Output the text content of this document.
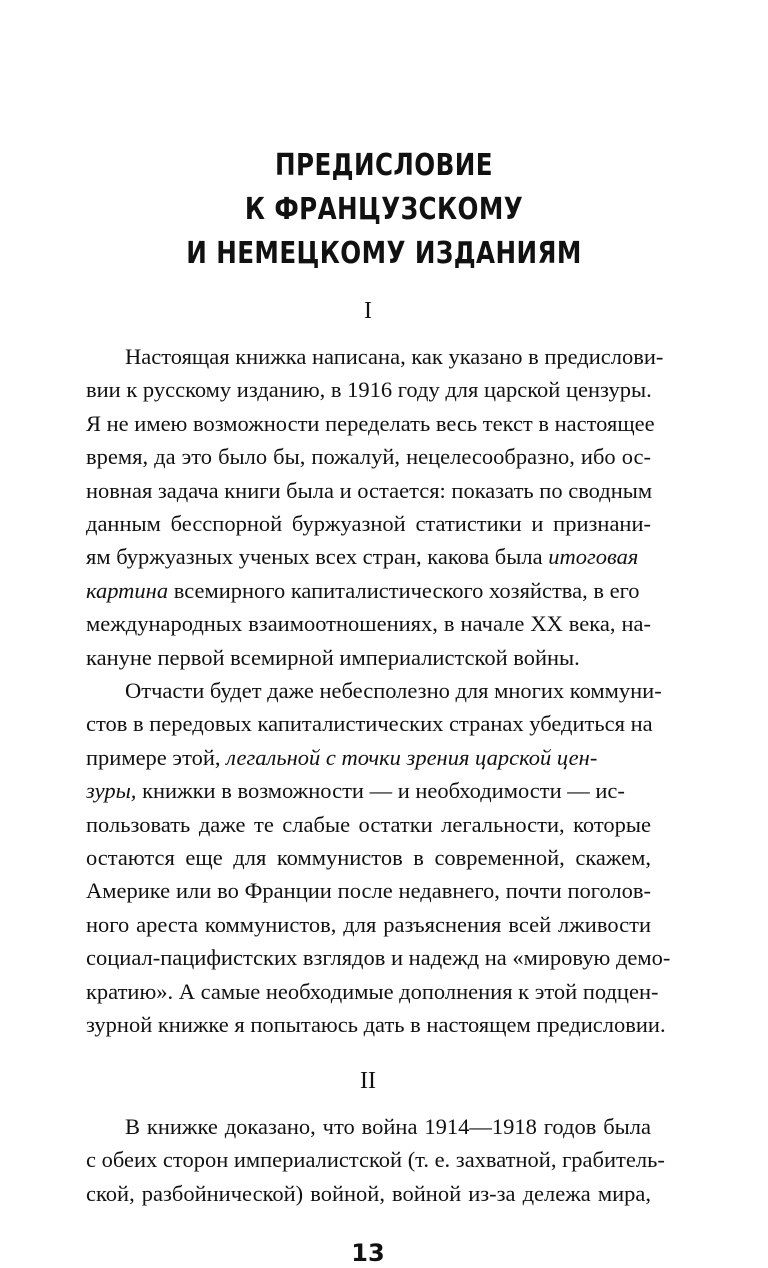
ПРЕДИСЛОВИЕ
К ФРАНЦУЗСКОМУ
И НЕМЕЦКОМУ ИЗДАНИЯМ
I
Настоящая книжка написана, как указано в предислови-
вии к русскому изданию, в 1916 году для царской цензуры.
Я не имею возможности переделать весь текст в настоящее
время, да это было бы, пожалуй, нецелесообразно, ибо ос-
новная задача книги была и остается: показать по сводным
данным бесспорной буржуазной статистики и признани-
ям буржуазных ученых всех стран, какова была итоговая
картина всемирного капиталистического хозяйства, в его
международных взаимоотношениях, в начале XX века, на-
кануне первой всемирной империалистской войны.
Отчасти будет даже небесполезно для многих коммуни-
стов в передовых капиталистических странах убедиться на
примере этой, легальной с точки зрения царской цен-
зуры, книжки в возможности — и необходимости — ис-
пользовать даже те слабые остатки легальности, которые
остаются еще для коммунистов в современной, скажем,
Америке или во Франции после недавнего, почти поголов-
ного ареста коммунистов, для разъяснения всей лживости
социал-пацифистских взглядов и надежд на «мировую демо-
кратию». А самые необходимые дополнения к этой подцен-
зурной книжке я попытаюсь дать в настоящем предисловии.
II
13
В книжке доказано, что война 1914—1918 годов была
с обеих сторон империалистской (т. е. захватной, грабитель-
ской, разбойнической) войной, войной из-за дележа мира,
